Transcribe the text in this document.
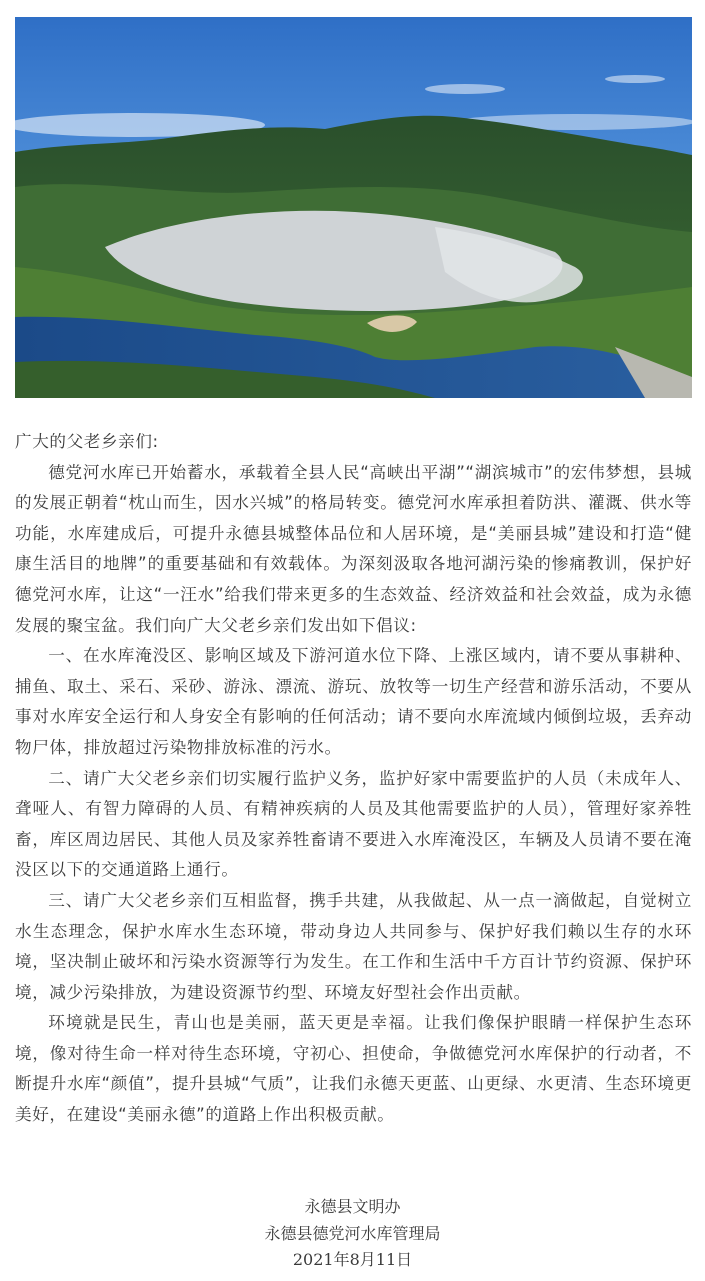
广大的父老乡亲们:

德党河水库已开始蓄水，承载着全县人民“高峡出平湖”“湖滨城市”的宏伟梦想，县城的发展正朝着“枕山而生，因水兴城”的格局转变。德党河水库承担着防洪、灌溉、供水等功能，水库建成后，可提升永德县城整体品位和人居环境，是“美丽县城”建设和打造“健康生活目的地牌”的重要基础和有效载体。为深刻汲取各地河湖污染的惨痛教训，保护好德党河水库，让这“一汪水”给我们带来更多的生态效益、经济效益和社会效益，成为永德发展的聚宝盆。我们向广大父老乡亲们发出如下倡议:

一、在水库淹没区、影响区域及下游河道水位下降、上涨区域内，请不要从事耕种、捕鱼、取土、采石、采砂、游泳、漂流、游玩、放牧等一切生产经营和游乐活动，不要从事对水库安全运行和人身安全有影响的任何活动；请不要向水库流域内倾倒垃圾，丢弃动物尸体，排放超过污染物排放标准的污水。

二、请广大父老乡亲们切实履行监护义务，监护好家中需要监护的人员（未成年人、聋哑人、有智力障碍的人员、有精神疾病的人员及其他需要监护的人员），管理好家养牲畜，库区周边居民、其他人员及家养牲畜请不要进入水库淹没区，车辆及人员请不要在淹没区以下的交通道路上通行。

三、请广大父老乡亲们互相监督，携手共建，从我做起、从一点一滴做起，自觉树立水生态理念，保护水库水生态环境，带动身边人共同参与、保护好我们赖以生存的水环境，坚决制止破坏和污染水资源等行为发生。在工作和生活中千方百计节约资源、保护环境，减少污染排放，为建设资源节约型、环境友好型社会作出贡献。

环境就是民生，青山也是美丽，蓝天更是幸福。让我们像保护眼睛一样保护生态环境，像对待生命一样对待生态环境，守初心、担使命，争做德党河水库保护的行动者，不断提升水库“颜值”，提升县城“气质”，让我们永德天更蓝、山更绿、水更清、生态环境更美好，在建设“美丽永德”的道路上作出积极贡献。

永德县文明办
永德县德党河水库管理局
2021年8月11日
